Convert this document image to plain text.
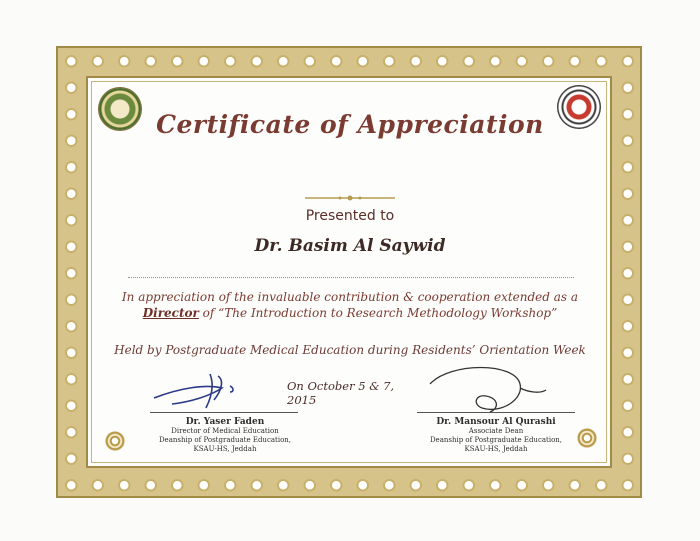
Certificate of Appreciation
Presented to
Dr. Basim Al Saywid
In appreciation of the invaluable contribution & cooperation extended as a
Director of “The Introduction to Research Methodology Workshop”
Held by Postgraduate Medical Education during Residents’ Orientation Week
On October 5 & 7, 2015
Dr. Yaser Faden
Director of Medical Education
Deanship of Postgraduate Education,
KSAU-HS, Jeddah
Dr. Mansour Al Qurashi
Associate Dean
Deanship of Postgraduate Education,
KSAU-HS, Jeddah
